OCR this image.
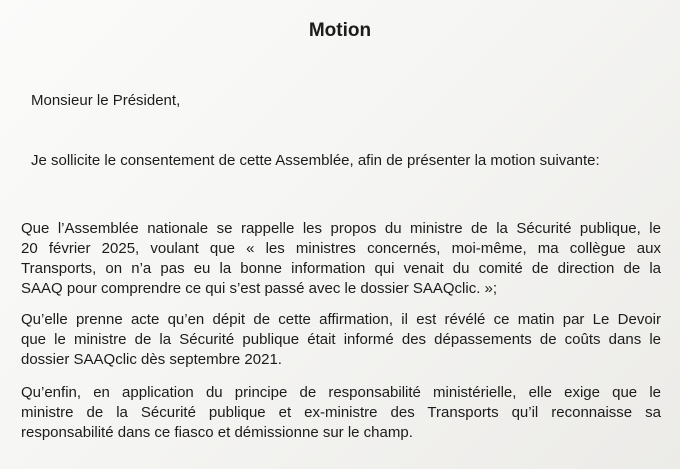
Motion

Monsieur le Président,

Je sollicite le consentement de cette Assemblée, afin de présenter la motion suivante:

Que l’Assemblée nationale se rappelle les propos du ministre de la Sécurité publique, le
20 février 2025, voulant que « les ministres concernés, moi-même, ma collègue aux
Transports, on n’a pas eu la bonne information qui venait du comité de direction de la
SAAQ pour comprendre ce qui s’est passé avec le dossier SAAQclic. »;

Qu’elle prenne acte qu’en dépit de cette affirmation, il est révélé ce matin par Le Devoir
que le ministre de la Sécurité publique était informé des dépassements de coûts dans le
dossier SAAQclic dès septembre 2021.

Qu’enfin, en application du principe de responsabilité ministérielle, elle exige que le
ministre de la Sécurité publique et ex-ministre des Transports qu’il reconnaisse sa
responsabilité dans ce fiasco et démissionne sur le champ.
